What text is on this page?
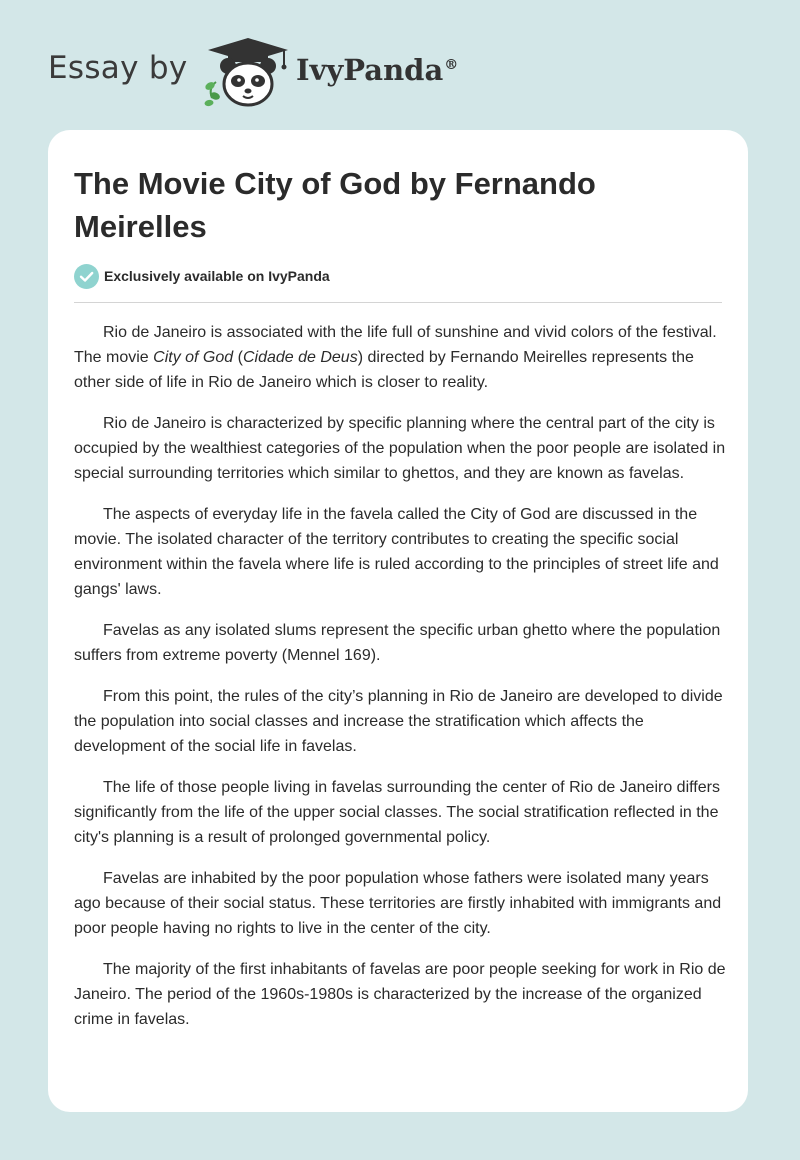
Essay by	IvyPanda®
The Movie City of God by Fernando Meirelles
Exclusively available on IvyPanda

Rio de Janeiro is associated with the life full of sunshine and vivid colors of the festival. The movie City of God (Cidade de Deus) directed by Fernando Meirelles represents the other side of life in Rio de Janeiro which is closer to reality.

Rio de Janeiro is characterized by specific planning where the central part of the city is occupied by the wealthiest categories of the population when the poor people are isolated in special surrounding territories which similar to ghettos, and they are known as favelas.

The aspects of everyday life in the favela called the City of God are discussed in the movie. The isolated character of the territory contributes to creating the specific social environment within the favela where life is ruled according to the principles of street life and gangs' laws.

Favelas as any isolated slums represent the specific urban ghetto where the population suffers from extreme poverty (Mennel 169).

From this point, the rules of the city’s planning in Rio de Janeiro are developed to divide the population into social classes and increase the stratification which affects the development of the social life in favelas.

The life of those people living in favelas surrounding the center of Rio de Janeiro differs significantly from the life of the upper social classes. The social stratification reflected in the city's planning is a result of prolonged governmental policy.

Favelas are inhabited by the poor population whose fathers were isolated many years ago because of their social status. These territories are firstly inhabited with immigrants and poor people having no rights to live in the center of the city.

The majority of the first inhabitants of favelas are poor people seeking for work in Rio de Janeiro. The period of the 1960s-1980s is characterized by the increase of the organized crime in favelas.
